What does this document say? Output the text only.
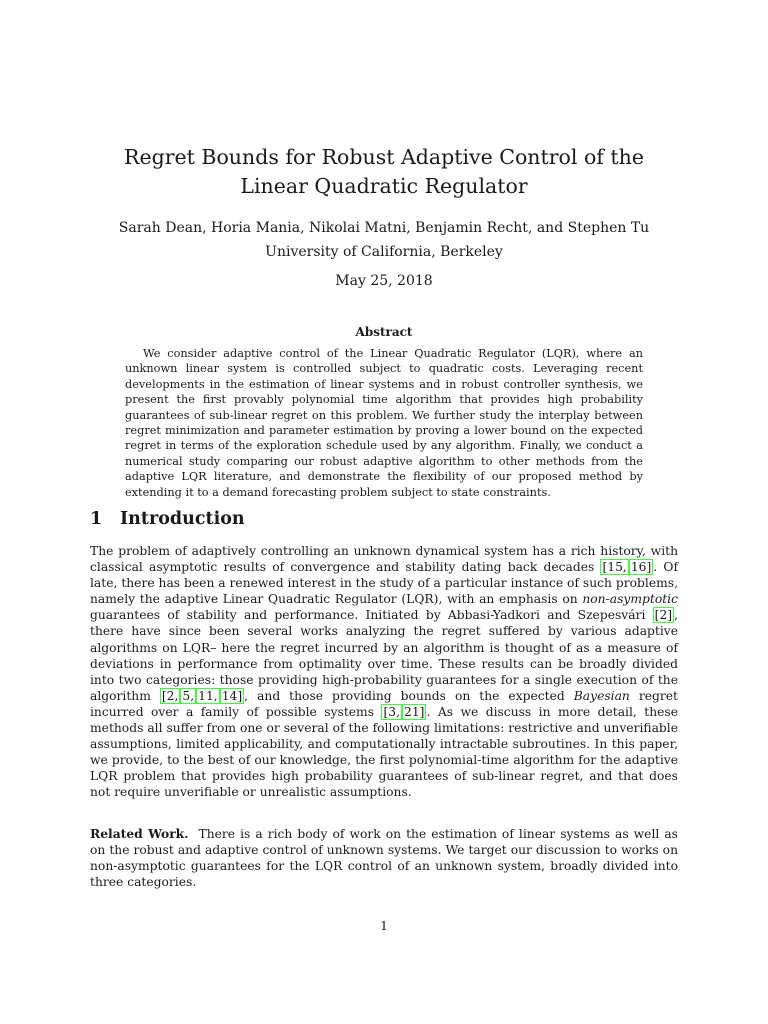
Regret Bounds for Robust Adaptive Control of the Linear Quadratic Regulator
Sarah Dean, Horia Mania, Nikolai Matni, Benjamin Recht, and Stephen Tu
University of California, Berkeley
May 25, 2018
Abstract

We consider adaptive control of the Linear Quadratic Regulator (LQR), where an unknown linear system is controlled subject to quadratic costs. Leveraging recent developments in the estimation of linear systems and in robust controller synthesis, we present the first provably polynomial time algorithm that provides high probability guarantees of sub-linear regret on this problem. We further study the interplay between regret minimization and parameter estimation by proving a lower bound on the expected regret in terms of the exploration schedule used by any algorithm. Finally, we conduct a numerical study comparing our robust adaptive algorithm to other methods from the adaptive LQR literature, and demonstrate the flexibility of our proposed method by extending it to a demand forecasting problem subject to state constraints.

1 Introduction

The problem of adaptively controlling an unknown dynamical system has a rich history, with classical asymptotic results of convergence and stability dating back decades [15, 16] . Of late, there has been a renewed interest in the study of a particular instance of such problems, namely the adaptive Linear Quadratic Regulator (LQR), with an emphasis on non-asymptotic guarantees of stability and performance. Initiated by Abbasi-Yadkori and Szepesvári [2] , there have since been several works analyzing the regret suffered by various adaptive algorithms on LQR– here the regret incurred by an algorithm is thought of as a measure of deviations in performance from optimality over time. These results can be broadly divided into two categories: those providing high-probability guarantees for a single execution of the algorithm [2, 5, 11, 14] , and those providing bounds on the expected Bayesian regret incurred over a family of possible systems [3, 21] . As we discuss in more detail, these methods all suffer from one or several of the following limitations: restrictive and unverifiable assumptions, limited applicability, and computationally intractable subroutines. In this paper, we provide, to the best of our knowledge, the first polynomial-time algorithm for the adaptive LQR problem that provides high probability guarantees of sub-linear regret, and that does not require unverifiable or unrealistic assumptions.

Related Work. There is a rich body of work on the estimation of linear systems as well as on the robust and adaptive control of unknown systems. We target our discussion to works on non-asymptotic guarantees for the LQR control of an unknown system, broadly divided into three categories.

1
